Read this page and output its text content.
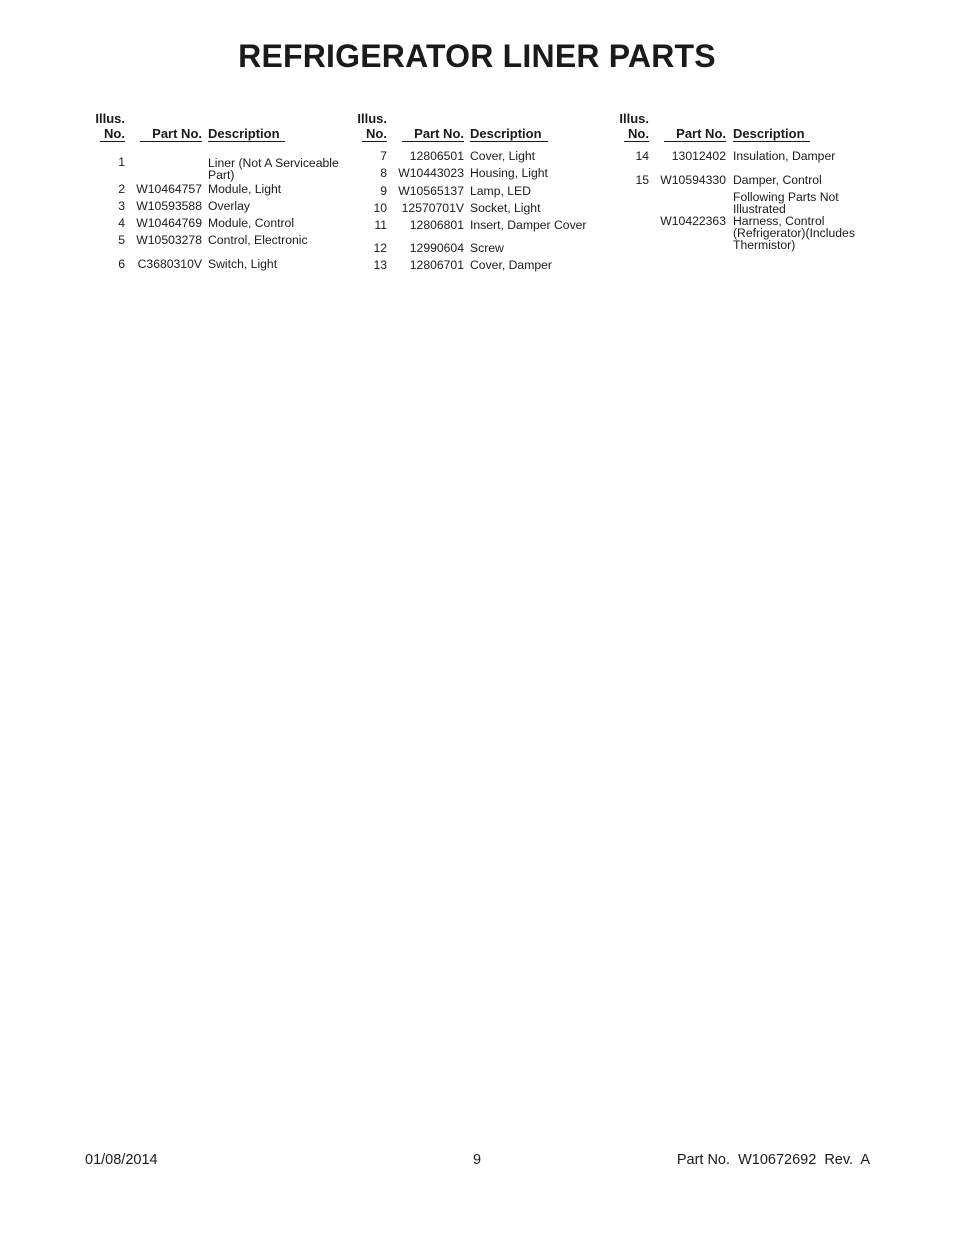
REFRIGERATOR LINER PARTS
Illus.
No.	Part No. Description
1	Liner (Not A Serviceable Part)
2 W10464757 Module, Light
3 W10593588 Overlay
4 W10464769 Module, Control
5 W10503278 Control, Electronic
6	C3680310V Switch, Light
Illus.
No.	Part No. Description
7	12806501 Cover, Light
8 W10443023 Housing, Light
9 W10565137 Lamp, LED
10	12570701V Socket, Light
11	12806801 Insert, Damper Cover
12	12990604 Screw
13	12806701 Cover, Damper
Illus.
No.	Part No. Description
14	13012402 Insulation, Damper
15 W10594330 Damper, Control
Following Parts Not Illustrated
W10422363 Harness, Control (Refrigerator)(Includes Thermistor)
01/08/2014	9	Part No.  W10672692  Rev.  A
